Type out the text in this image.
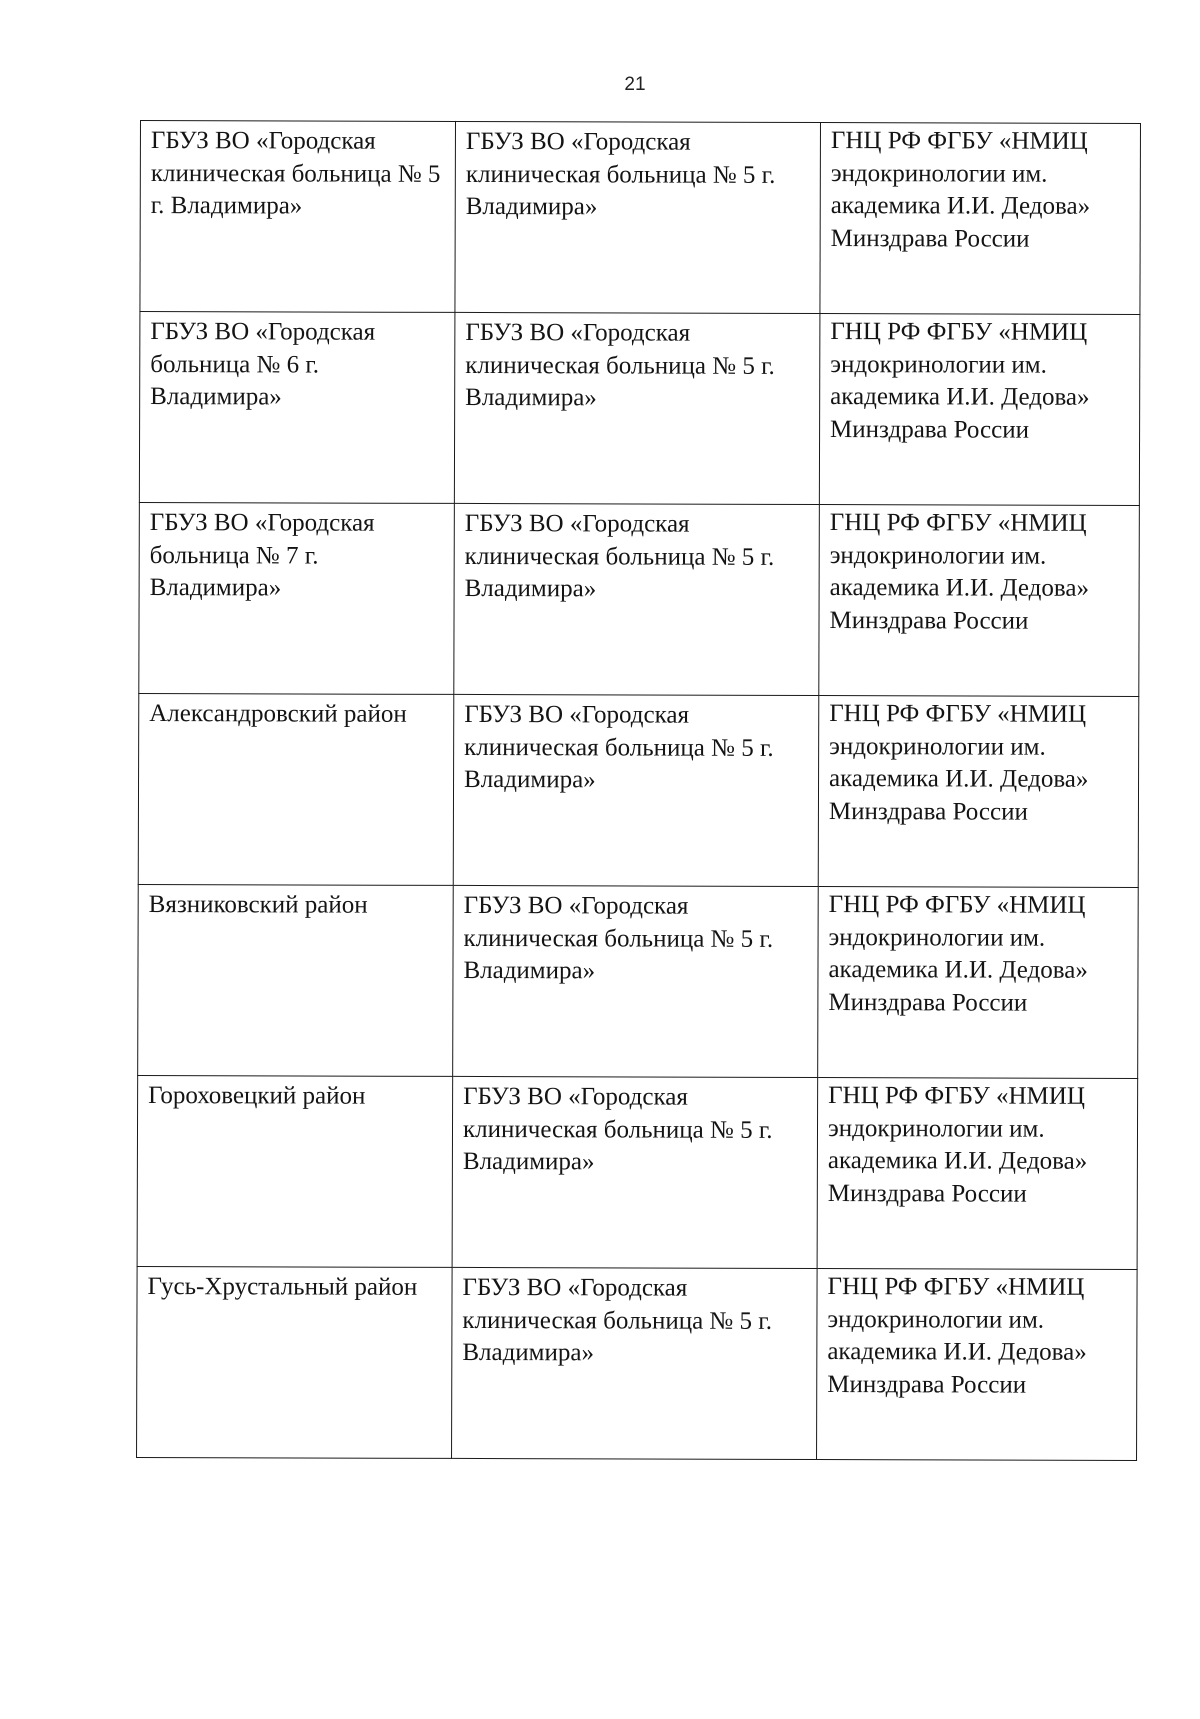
21
ГБУЗ ВО «Городская клиническая больница № 5 г. Владимира»	ГБУЗ ВО «Городская клиническая больница № 5 г. Владимира»	ГНЦ РФ ФГБУ «НМИЦ эндокринологии им. академика И.И. Дедова» Минздрава России
ГБУЗ ВО «Городская больница № 6 г. Владимира»	ГБУЗ ВО «Городская клиническая больница № 5 г. Владимира»	ГНЦ РФ ФГБУ «НМИЦ эндокринологии им. академика И.И. Дедова» Минздрава России
ГБУЗ ВО «Городская больница № 7 г. Владимира»	ГБУЗ ВО «Городская клиническая больница № 5 г. Владимира»	ГНЦ РФ ФГБУ «НМИЦ эндокринологии им. академика И.И. Дедова» Минздрава России
Александровский район	ГБУЗ ВО «Городская клиническая больница № 5 г. Владимира»	ГНЦ РФ ФГБУ «НМИЦ эндокринологии им. академика И.И. Дедова» Минздрава России
Вязниковский район	ГБУЗ ВО «Городская клиническая больница № 5 г. Владимира»	ГНЦ РФ ФГБУ «НМИЦ эндокринологии им. академика И.И. Дедова» Минздрава России
Гороховецкий район	ГБУЗ ВО «Городская клиническая больница № 5 г. Владимира»	ГНЦ РФ ФГБУ «НМИЦ эндокринологии им. академика И.И. Дедова» Минздрава России
Гусь-Хрустальный район	ГБУЗ ВО «Городская клиническая больница № 5 г. Владимира»	ГНЦ РФ ФГБУ «НМИЦ эндокринологии им. академика И.И. Дедова» Минздрава России
